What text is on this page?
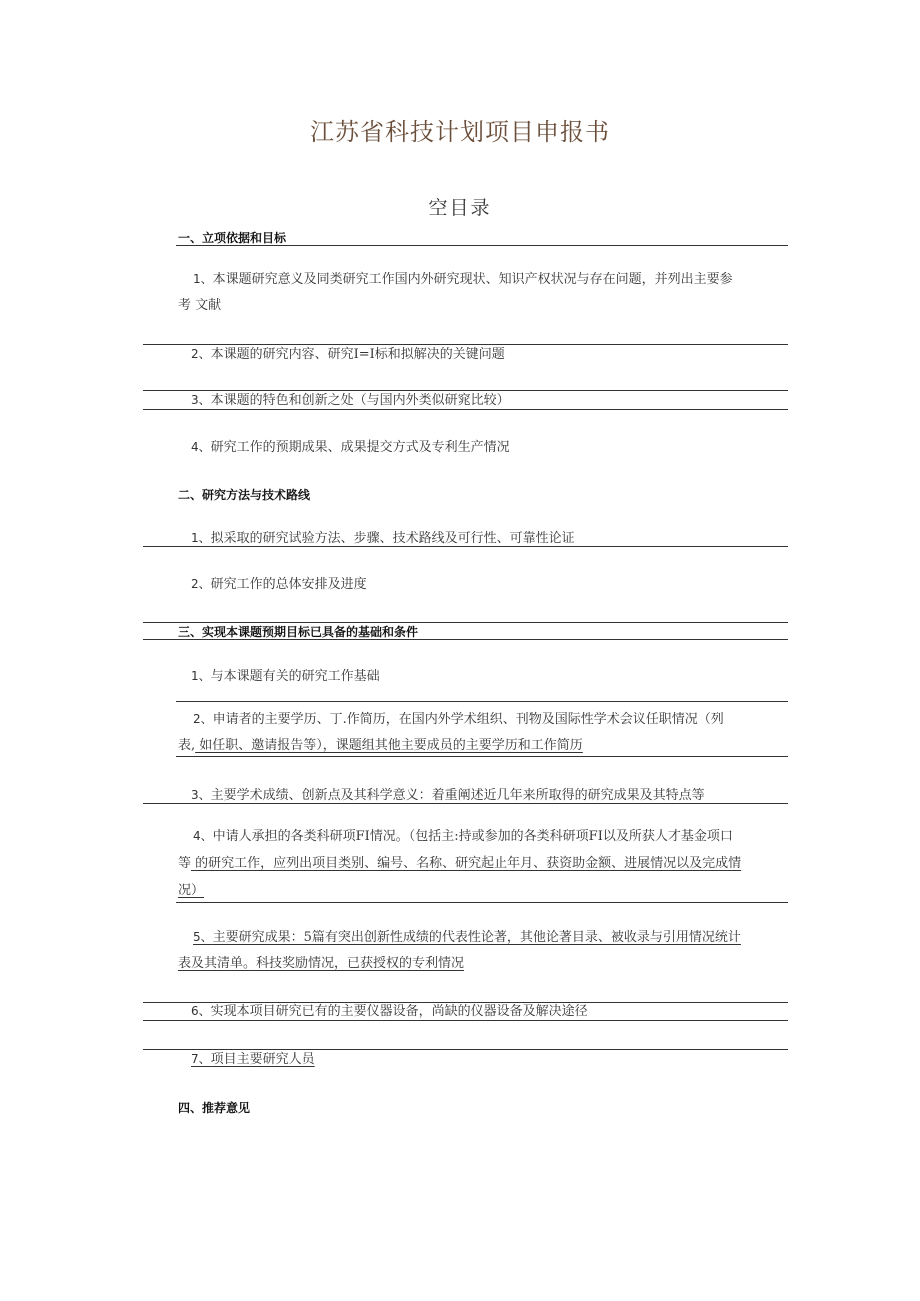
江苏省科技计划项目申报书
空目录
一、立项依据和目标
1、本课题研究意义及同类研究工作国内外研究现状、知识产权状况与存在问题，并列出主要参
考 文献
2、本课题的研究内容、研究I=I标和拟解决的关键问题
3、本课题的特色和创新之处（与国内外类似研窕比较）
4、研究工作的预期成果、成果提交方式及专利生产情况
二、研究方法与技术路线
1、拟采取的研究试验方法、步骤、技术路线及可行性、可靠性论证
2、研究工作的总体安排及进度
三、实现本课题预期目标已具备的基础和条件
1、与本课题有关的研究工作基础
2、申请者的主要学历、丁.作简历，在国内外学术组织、刊物及国际性学术会议任职情况（列
表, 如任职、邀请报告等），课题组其他主要成员的主要学历和工作简历
3、主要学术成绩、创新点及其科学意义：着重阐述近几年来所取得的研究成果及其特点等
4、中请人承担的各类科研项FI情况。（包括主:持或参加的各类科研项FI以及所获人才基金项口
等 的研究工作，应列出项目类别、编号、名称、研究起止年月、获资助金额、进展情况以及完成情
况）
5、主要研究成果：5篇有突出创新性成绩的代表性论著，其他论著目录、被收录与引用情况统计
表及其清单。科技奖励情况，已获授权的专利情况
6、实现本项目研究已有的主要仪器设备，尚缺的仪器设备及解决途径
7、项目主要研究人员
四、推荐意见
